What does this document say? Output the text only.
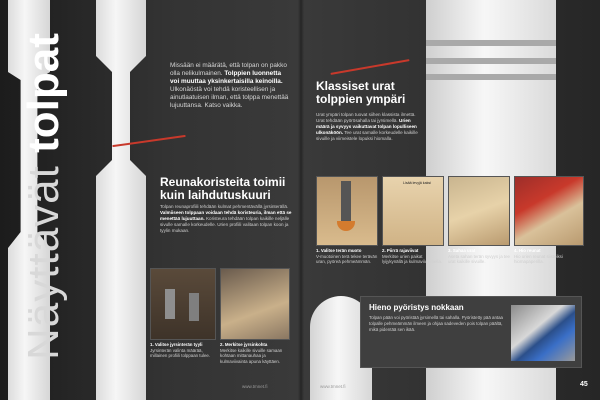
Näyttävät tolpat	Missään ei määrätä, että tolpan on pakko olla nelikulmainen. Tolppien luonnetta voi muuttaa yksinkertaisilla keinoilla. Ulkonäöstä voi tehdä koristeellisen ja ainutlaatuisen ilman, että tolppa menettää lujuuttansa. Katso vaikka.
Reunakoristeita toimii kuin laihdutuskuuri
Tolpan reunaprofiili tehdään kulmat pehmentävällä jyrsinterällä. Valmiiseen tolppaan voidaan tehdä koristeuria, ilman että se menettää lujuuttaan. Koristeura tehdään tolpan kaikille neljälle sivulle samalle korkeudelle. Urien profiili valitaan tolpan koon ja tyylin mukaan.
1. Valitse jyrsinterän tyyli
Jyrsinterän valinta määrää, millainen profiili tolppaan tulee.
2. Merkitse jyrsinkohta
Merkitse kaikille sivuille samaan kohtaan mittanauhaa ja kulmaviivainta apuna käyttäen.
www.tmnet.fi
Klassiset urat tolppien ympäri
Urat ympäri tolpan tuovat siihen klassista ilmettä. Urat tehdään pyörösahalla tai jyrsimellä. Urien määrä ja syvyys vaikuttavat tolpan lopulliseen ulkonäköön. Tee urat samalle korkeudelle kaikille sivuille ja viimeistele lopuksi hiomalla.
Lisää levyjä kaksi
1. Valitse terän muoto
V-muotoinen terä tekee terävän uran, pyöreä pehmeämmän.
2. Piirrä rajaviivat
Merkitse urien paikat lyijykynällä ja kulmaviivaimella.
3. Sahaa urat
Aseta sahan terän syvyys ja tee urat kaikille sivuille.
4. Hio reunat
Hio urien reunat siisteiksi hiomapaperilla.
www.tmnet.fi	45
Hieno pyöristys nokkaan
Tolpan pään voi pyöristää jyrsimellä tai sahalla. Pyöristetty pää antaa tolpalle pehmeämmän ilmeen ja ohjaa sadeveden pois tolpan päältä, mikä pidentää sen ikää.
